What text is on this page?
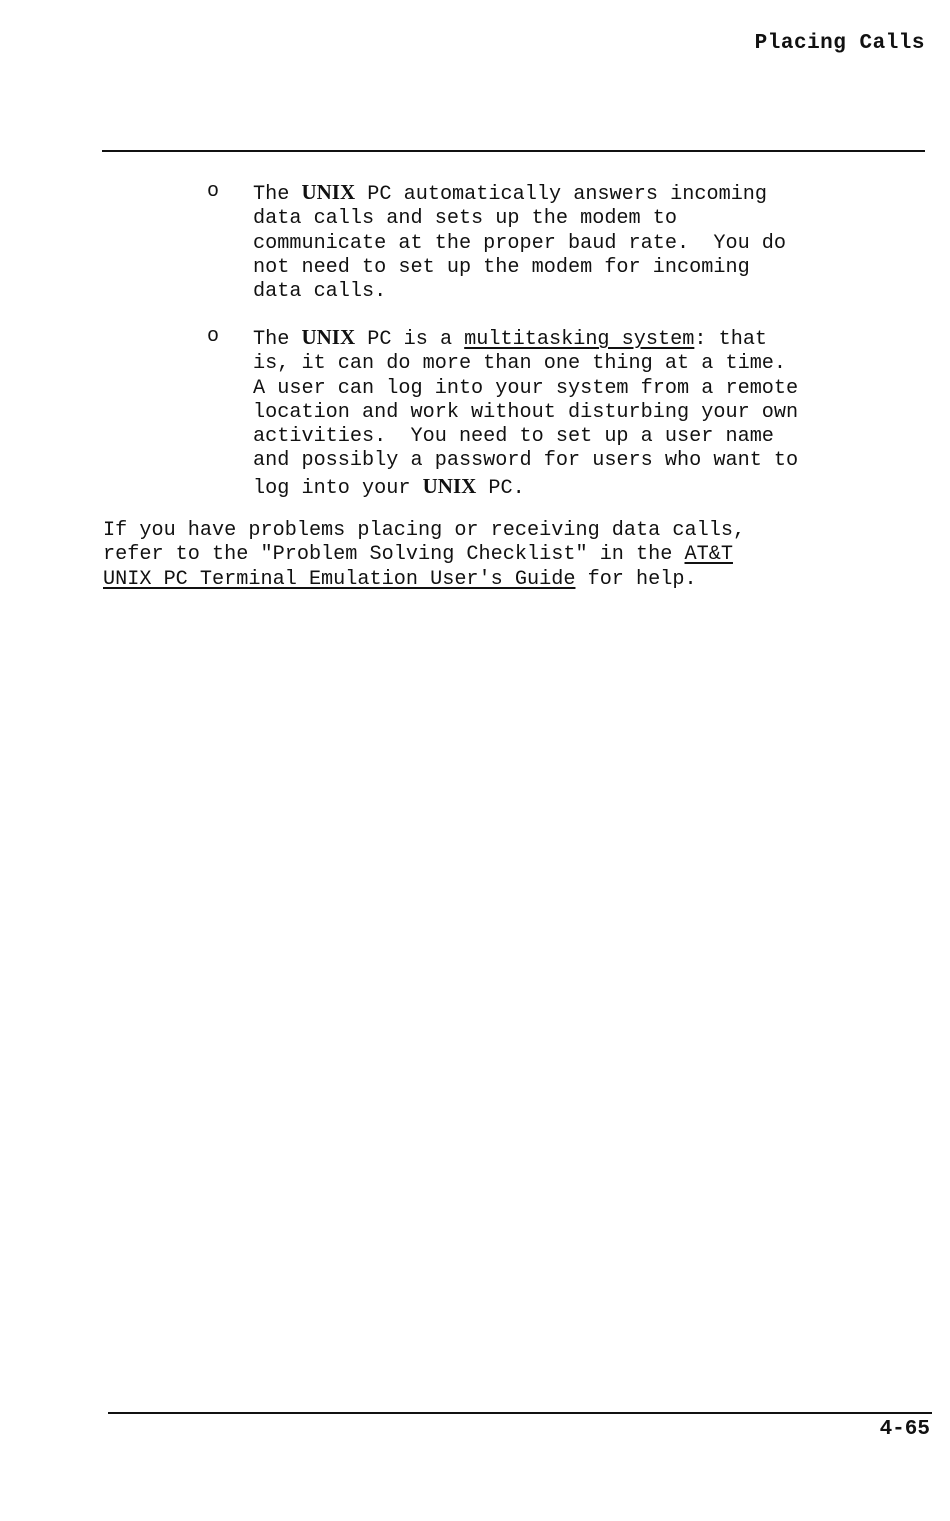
Placing Calls
o The UNIX PC automatically answers incoming
data calls and sets up the modem to
communicate at the proper baud rate.  You do
not need to set up the modem for incoming
data calls.
o The UNIX PC is a multitasking system: that
is, it can do more than one thing at a time.
A user can log into your system from a remote
location and work without disturbing your own
activities.  You need to set up a user name
and possibly a password for users who want to
log into your UNIX PC.
If you have problems placing or receiving data calls,
refer to the "Problem Solving Checklist" in the AT&T
UNIX PC Terminal Emulation User's Guide for help.
4-65
